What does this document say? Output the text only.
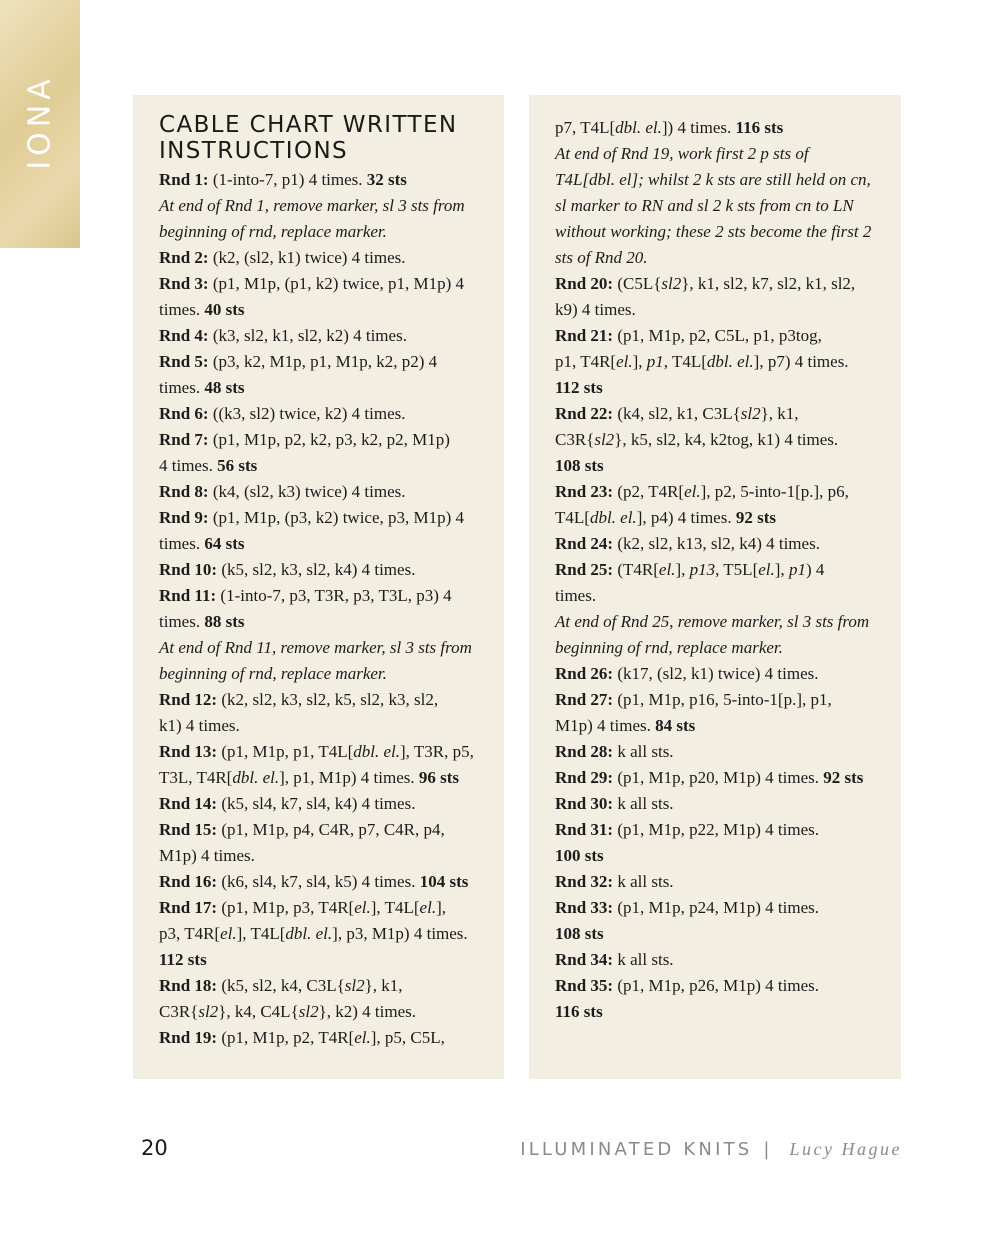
IONA	CABLE CHART WRITTEN
INSTRUCTIONS
Rnd 1: (1-into-7, p1) 4 times. 32 sts
At end of Rnd 1, remove marker, sl 3 sts from
beginning of rnd, replace marker.
Rnd 2: (k2, (sl2, k1) twice) 4 times.
Rnd 3: (p1, M1p, (p1, k2) twice, p1, M1p) 4
times. 40 sts
Rnd 4: (k3, sl2, k1, sl2, k2) 4 times.
Rnd 5: (p3, k2, M1p, p1, M1p, k2, p2) 4
times. 48 sts
Rnd 6: ((k3, sl2) twice, k2) 4 times.
Rnd 7: (p1, M1p, p2, k2, p3, k2, p2, M1p)
4 times. 56 sts
Rnd 8: (k4, (sl2, k3) twice) 4 times.
Rnd 9: (p1, M1p, (p3, k2) twice, p3, M1p) 4
times. 64 sts
Rnd 10: (k5, sl2, k3, sl2, k4) 4 times.
Rnd 11: (1-into-7, p3, T3R, p3, T3L, p3) 4
times. 88 sts
At end of Rnd 11, remove marker, sl 3 sts from
beginning of rnd, replace marker.
Rnd 12: (k2, sl2, k3, sl2, k5, sl2, k3, sl2,
k1) 4 times.
Rnd 13: (p1, M1p, p1, T4L[dbl. el.], T3R, p5,
T3L, T4R[dbl. el.], p1, M1p) 4 times. 96 sts
Rnd 14: (k5, sl4, k7, sl4, k4) 4 times.
Rnd 15: (p1, M1p, p4, C4R, p7, C4R, p4,
M1p) 4 times.
Rnd 16: (k6, sl4, k7, sl4, k5) 4 times. 104 sts
Rnd 17: (p1, M1p, p3, T4R[el.], T4L[el.],
p3, T4R[el.], T4L[dbl. el.], p3, M1p) 4 times.
112 sts
Rnd 18: (k5, sl2, k4, C3L{sl2}, k1,
C3R{sl2}, k4, C4L{sl2}, k2) 4 times.
Rnd 19: (p1, M1p, p2, T4R[el.], p5, C5L,
p7, T4L[dbl. el.]) 4 times. 116 sts
At end of Rnd 19, work first 2 p sts of
T4L[dbl. el]; whilst 2 k sts are still held on cn,
sl marker to RN and sl 2 k sts from cn to LN
without working; these 2 sts become the first 2
sts of Rnd 20.
Rnd 20: (C5L{sl2}, k1, sl2, k7, sl2, k1, sl2,
k9) 4 times.
Rnd 21: (p1, M1p, p2, C5L, p1, p3tog,
p1, T4R[el.], p1, T4L[dbl. el.], p7) 4 times.
112 sts
Rnd 22: (k4, sl2, k1, C3L{sl2}, k1,
C3R{sl2}, k5, sl2, k4, k2tog, k1) 4 times.
108 sts
Rnd 23: (p2, T4R[el.], p2, 5-into-1[p.], p6,
T4L[dbl. el.], p4) 4 times. 92 sts
Rnd 24: (k2, sl2, k13, sl2, k4) 4 times.
Rnd 25: (T4R[el.], p13, T5L[el.], p1) 4
times.
At end of Rnd 25, remove marker, sl 3 sts from
beginning of rnd, replace marker.
Rnd 26: (k17, (sl2, k1) twice) 4 times.
Rnd 27: (p1, M1p, p16, 5-into-1[p.], p1,
M1p) 4 times. 84 sts
Rnd 28: k all sts.
Rnd 29: (p1, M1p, p20, M1p) 4 times. 92 sts
Rnd 30: k all sts.
Rnd 31: (p1, M1p, p22, M1p) 4 times.
100 sts
Rnd 32: k all sts.
Rnd 33: (p1, M1p, p24, M1p) 4 times.
108 sts
Rnd 34: k all sts.
Rnd 35: (p1, M1p, p26, M1p) 4 times.
116 sts
20	ILLUMINATED KNITS | Lucy Hague
